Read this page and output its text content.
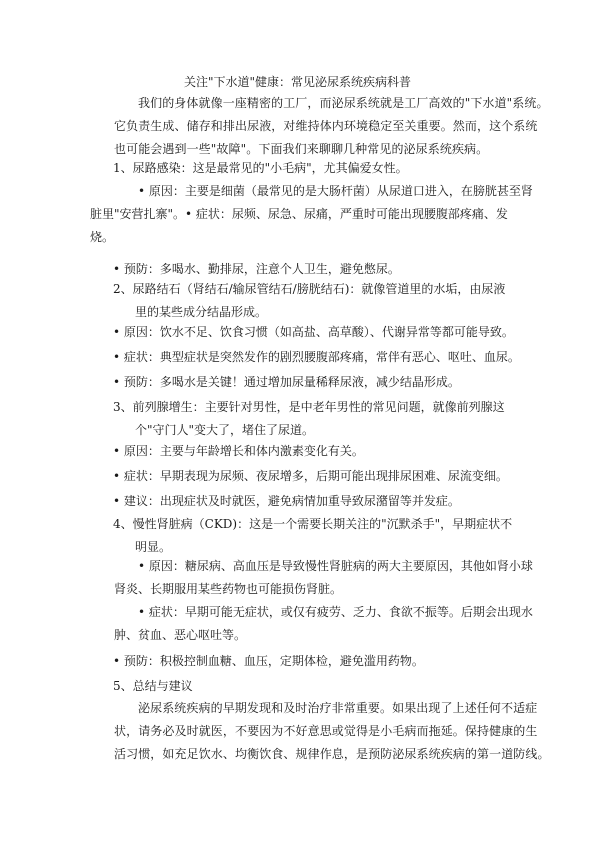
关注"下水道"健康：常见泌尿系统疾病科普
我们的身体就像一座精密的工厂，而泌尿系统就是工厂高效的"下水道"系统。
它负责生成、储存和排出尿液，对维持体内环境稳定至关重要。然而，这个系统
也可能会遇到一些"故障"。下面我们来聊聊几种常见的泌尿系统疾病。
1、尿路感染：这是最常见的"小毛病"，尤其偏爱女性。
• 原因：主要是细菌（最常见的是大肠杆菌）从尿道口进入，在膀胱甚至肾
脏里"安营扎寨"。• 症状：尿频、尿急、尿痛，严重时可能出现腰腹部疼痛、发
烧。
• 预防：多喝水、勤排尿，注意个人卫生，避免憋尿。
2、尿路结石（肾结石/输尿管结石/膀胱结石)：就像管道里的水垢，由尿液
里的某些成分结晶形成。
• 原因：饮水不足、饮食习惯（如高盐、高草酸）、代谢异常等都可能导致。
• 症状：典型症状是突然发作的剧烈腰腹部疼痛，常伴有恶心、呕吐、血尿。
• 预防：多喝水是关键！通过增加尿量稀释尿液，减少结晶形成。
3、前列腺增生：主要针对男性，是中老年男性的常见问题，就像前列腺这
个"守门人"变大了，堵住了尿道。
• 原因：主要与年龄增长和体内激素变化有关。
• 症状：早期表现为尿频、夜尿增多，后期可能出现排尿困难、尿流变细。
• 建议：出现症状及时就医，避免病情加重导致尿潴留等并发症。
4、慢性肾脏病（CKD)：这是一个需要长期关注的"沉默杀手"，早期症状不
明显。
• 原因：糖尿病、高血压是导致慢性肾脏病的两大主要原因，其他如肾小球
肾炎、长期服用某些药物也可能损伤肾脏。
• 症状：早期可能无症状，或仅有疲劳、乏力、食欲不振等。后期会出现水
肿、贫血、恶心呕吐等。
• 预防：积极控制血糖、血压，定期体检，避免滥用药物。
5、总结与建议
泌尿系统疾病的早期发现和及时治疗非常重要。如果出现了上述任何不适症
状，请务必及时就医，不要因为不好意思或觉得是小毛病而拖延。保持健康的生
活习惯，如充足饮水、均衡饮食、规律作息，是预防泌尿系统疾病的第一道防线。
